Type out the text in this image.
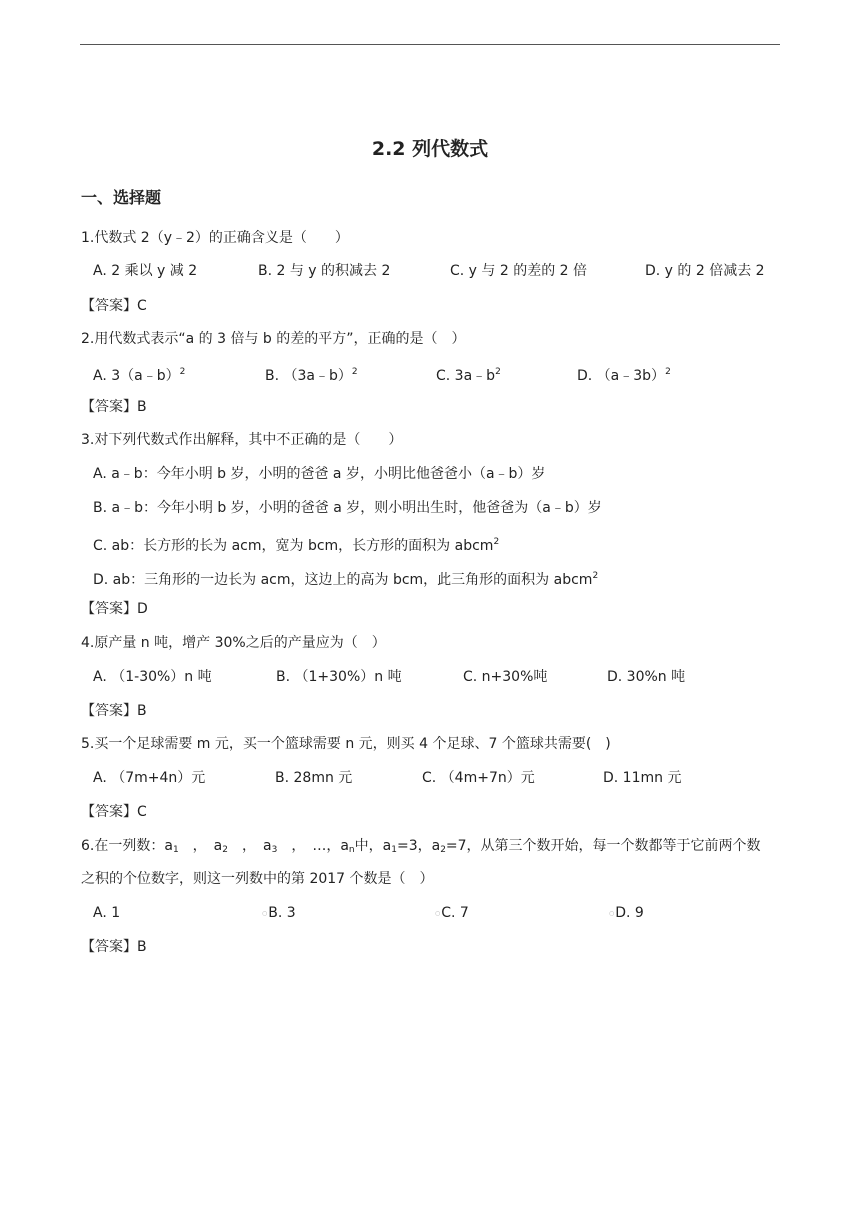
2.2 列代数式
一、选择题
1.代数式 2（y﹣2）的正确含义是（　　）
A. 2 乘以 y 减 2	B. 2 与 y 的积减去 2	C. y 与 2 的差的 2 倍	D. y 的 2 倍减去 2
【答案】C
2.用代数式表示“a 的 3 倍与 b 的差的平方”，正确的是（　）
A. 3（a﹣b）$^2$	B. （3a﹣b）$^2$	C. $3a﹣b^2$	D. （a﹣3b）$^2$
【答案】B
3.对下列代数式作出解释，其中不正确的是（　　）
A. a﹣b：今年小明 b 岁，小明的爸爸 a 岁，小明比他爸爸小（a﹣b）岁
B. a﹣b：今年小明 b 岁，小明的爸爸 a 岁，则小明出生时，他爸爸为（a﹣b）岁
C. ab：长方形的长为 acm，宽为 bcm，长方形的面积为 abcm$^2$
D. ab：三角形的一边长为 acm，这边上的高为 bcm，此三角形的面积为 abcm$^2$
【答案】D
4.原产量 n 吨，增产 30%之后的产量应为（　）
A. （1-30%）n 吨	B. （1+30%）n 吨	C. n+30%吨	D. 30%n 吨
【答案】B
5.买一个足球需要 m 元，买一个篮球需要 n 元，则买 4 个足球、7 个篮球共需要(　)
A. （7m+4n）元	B. 28mn 元	C. （4m+7n）元	D. 11mn 元
【答案】C
6.在一列数：$a_1$　，　$a_2$　，　$a_3$　，　…，$a_n$中，$a_1=3$，$a_2=7$，从第三个数开始，每一个数都等于它前两个数
之积的个位数字，则这一列数中的第 2017 个数是（　）
A. 1	○B. 3	○C. 7	○D. 9
【答案】B
